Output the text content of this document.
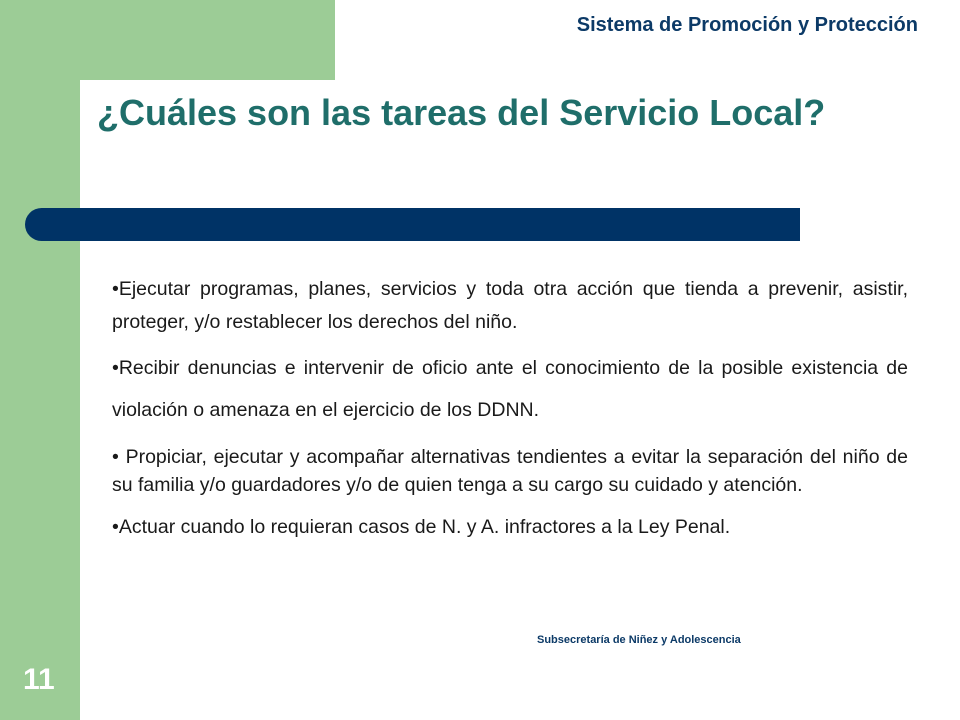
Sistema de Promoción y Protección
¿Cuáles son las tareas del Servicio Local?

•Ejecutar programas, planes, servicios y toda otra acción que tienda a prevenir, asistir, proteger, y/o restablecer los derechos del niño.

•Recibir denuncias e intervenir de oficio ante el conocimiento de la posible existencia de violación o amenaza en el ejercicio de los DDNN.

• Propiciar, ejecutar y acompañar alternativas tendientes a evitar la separación del niño de su familia y/o guardadores y/o de quien tenga a su cargo su cuidado y atención.

•Actuar cuando lo requieran casos de N. y A. infractores a la Ley Penal.

Subsecretaría de Niñez y Adolescencia
11
